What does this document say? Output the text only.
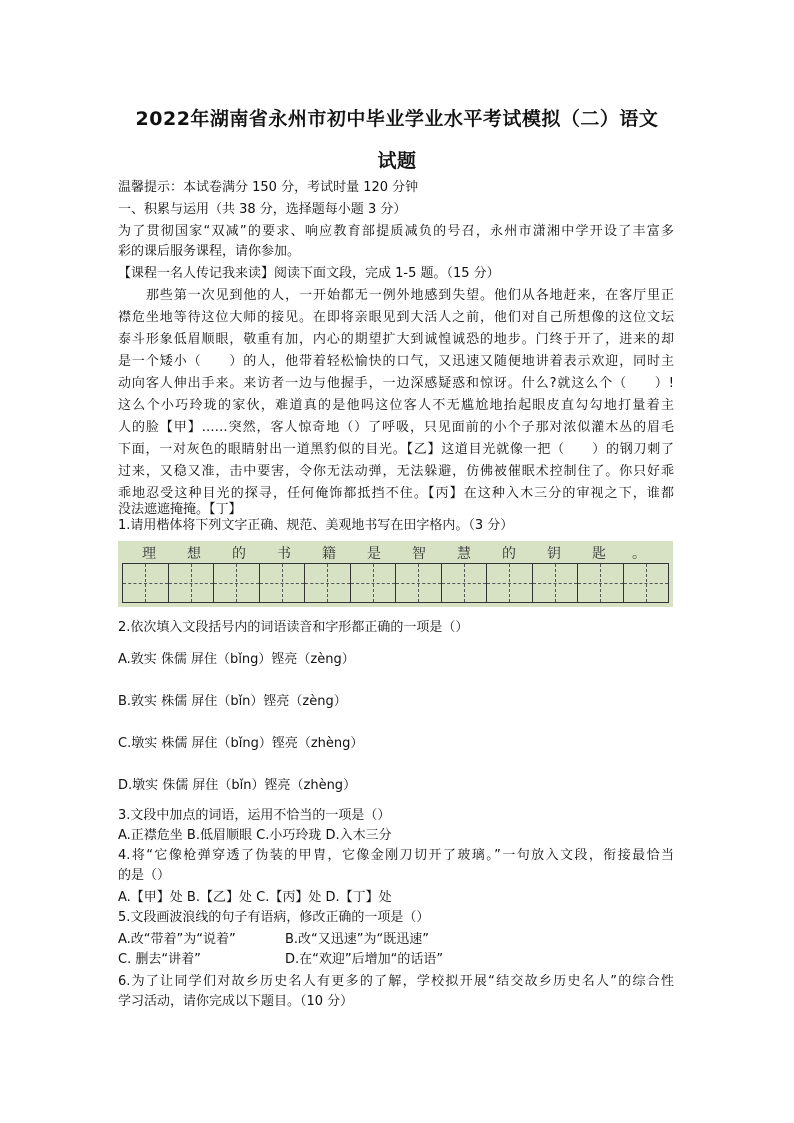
2022年湖南省永州市初中毕业学业水平考试模拟（二）语文
试题
温馨提示：本试卷满分 150 分，考试时量 120 分钟
一、积累与运用（共 38 分，选择题每小题 3 分）
为了贯彻国家“双减”的要求、响应教育部提质减负的号召，永州市潇湘中学开设了丰富多
彩的课后服务课程，请你参加。
【课程一名人传记我来读】阅读下面文段，完成 1-5 题。（15 分）
那些第一次见到他的人，一开始都无一例外地感到失望。他们从各地赶来，在客厅里正
襟危坐地等待这位大师的接见。在即将亲眼见到大活人之前，他们对自己所想像的这位文坛
泰斗形象低眉顺眼，敬重有加，内心的期望扩大到诚惶诚恐的地步。门终于开了，进来的却
是一个矮小（　　）的人，他带着轻松愉快的口气，又迅速又随便地讲着表示欢迎，同时主
动向客人伸出手来。来访者一边与他握手，一边深感疑惑和惊讶。什么?就这么个（　　）!
这么个小巧玲珑的家伙，难道真的是他吗这位客人不无尴尬地抬起眼皮直勾勾地打量着主
人的脸【甲】……突然，客人惊奇地（）了呼吸，只见面前的小个子那对浓似灌木丛的眉毛
下面，一对灰色的眼睛射出一道黑豹似的目光。【乙】这道目光就像一把（　　）的钢刀刺了
过来，又稳又准，击中要害，令你无法动弹，无法躲避，仿佛被催眠术控制住了。你只好乖
乖地忍受这种目光的探寻，任何俺饰都抵挡不住。【丙】在这种入木三分的审视之下，谁都
没法遮遮掩掩。【丁】
1.请用楷体将下列文字正确、规范、美观地书写在田字格内。（3 分）
理 想 的 书 籍 是 智 慧 的 钥 匙 。
2.依次填入文段括号内的词语读音和字形都正确的一项是（）
A.敦实 侏儒 屏住（bǐng）铿亮（zèng）
B.敦实 株儒 屏住（bǐn）铿亮（zèng）
C.墩实 株儒 屏住（bǐng）铿亮（zhèng）
D.墩实 侏儒 屏住（bǐn）铿亮（zhèng）
3.文段中加点的词语，运用不恰当的一项是（）
A.正襟危坐 B.低眉顺眼 C.小巧玲珑 D.入木三分
4.将“它像枪弹穿透了伪装的甲胄，它像金刚刀切开了玻璃。”一句放入文段，衔接最恰当
的是（）
A.【甲】处 B.【乙】处 C.【丙】处 D.【丁】处
5.文段画波浪线的句子有语病，修改正确的一项是（）
A.改“带着”为“说着”	B.改“又迅速”为“既迅速”
C. 删去“讲着”	D.在“欢迎”后增加“的话语”
6.为了让同学们对故乡历史名人有更多的了解，学校拟开展“结交故乡历史名人”的综合性
学习活动，请你完成以下题目。（10 分）
